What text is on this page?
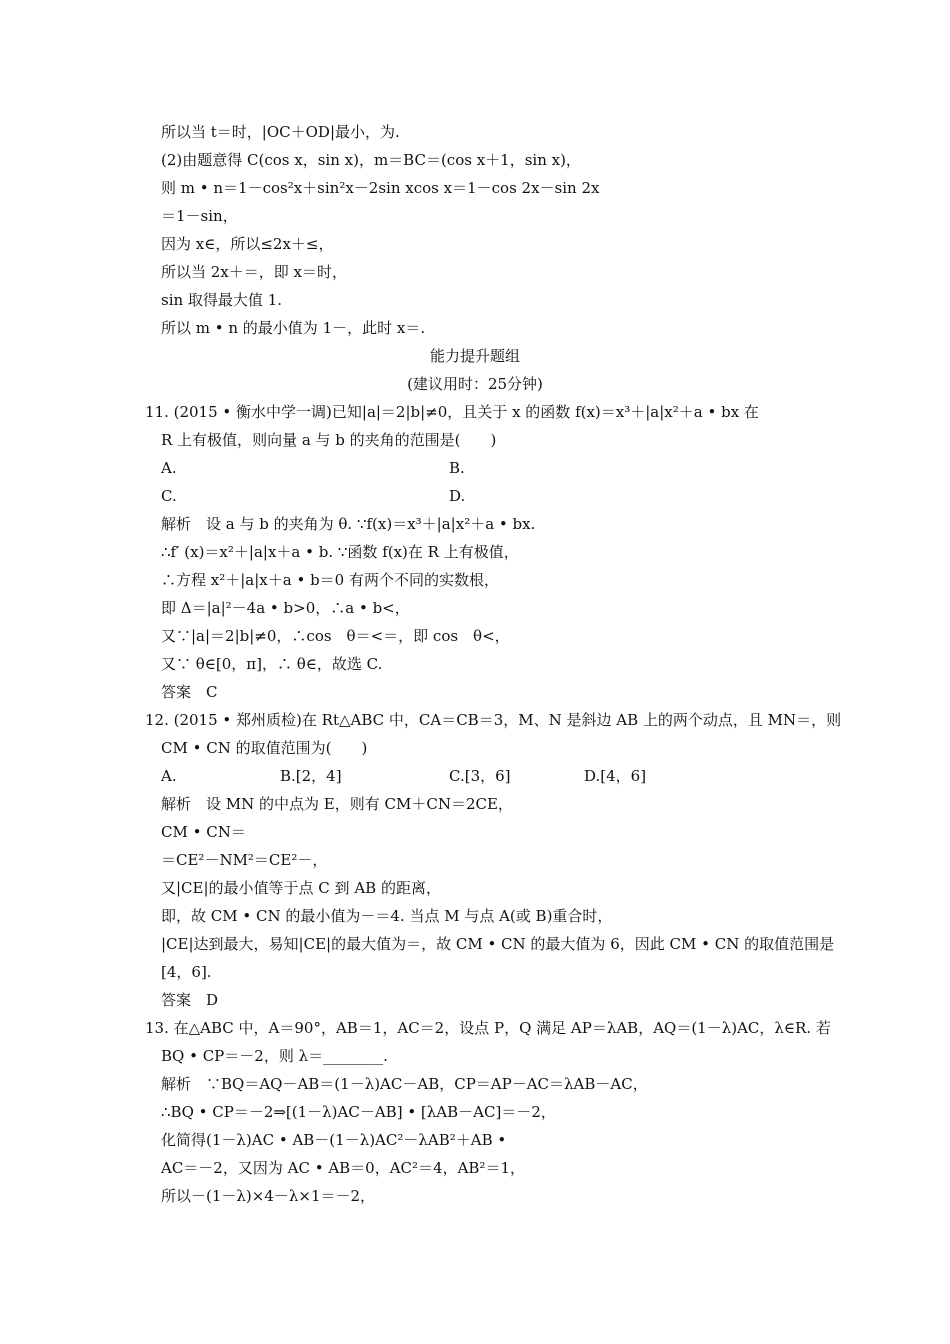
所以当 t＝时，|OC＋OD|最小，为.
(2)由题意得 C(cos x，sin x)，m＝BC＝(cos x＋1，sin x)，
则 m • n＝1－cos²x＋sin²x－2sin xcos x＝1－cos 2x－sin 2x
＝1－sin，
因为 x∈，所以≤2x＋≤，
所以当 2x＋＝，即 x＝时，
sin 取得最大值 1.
所以 m • n 的最小值为 1－，此时 x＝.
能力提升题组
(建议用时：25分钟)
11. (2015 • 衡水中学一调)已知|a|＝2|b|≠0，且关于 x 的函数 f(x)＝x³＋|a|x²＋a • bx 在
R 上有极值，则向量 a 与 b 的夹角的范围是(　　)
A.	B.
C.	D.
解析　设 a 与 b 的夹角为 θ. ∵f(x)＝x³＋|a|x²＋a • bx.
∴f′ (x)＝x²＋|a|x＋a • b. ∵函数 f(x)在 R 上有极值，
∴方程 x²＋|a|x＋a • b＝0 有两个不同的实数根，
即 Δ＝|a|²－4a • b>0，∴a • b<，
又∵|a|＝2|b|≠0，∴cos　θ＝<＝，即 cos　θ<，
又∵ θ∈[0，π]，∴ θ∈，故选 C.
答案　C
12. (2015 • 郑州质检)在 Rt△ABC 中，CA＝CB＝3，M、N 是斜边 AB 上的两个动点，且 MN＝，则
CM • CN 的取值范围为(　　)
A.	B.[2，4]	C.[3，6]	D.[4，6]
解析　设 MN 的中点为 E，则有 CM＋CN＝2CE，
CM • CN＝
＝CE²－NM²＝CE²－，
又|CE|的最小值等于点 C 到 AB 的距离，
即，故 CM • CN 的最小值为－＝4. 当点 M 与点 A(或 B)重合时，
|CE|达到最大，易知|CE|的最大值为＝，故 CM • CN 的最大值为 6，因此 CM • CN 的取值范围是
[4，6].
答案　D
13. 在△ABC 中，A＝90°，AB＝1，AC＝2，设点 P，Q 满足 AP＝λAB，AQ＝(1－λ)AC，λ∈R. 若
BQ • CP＝－2，则 λ＝________.
解析　∵BQ＝AQ－AB＝(1－λ)AC－AB，CP＝AP－AC＝λAB－AC，
∴BQ • CP＝－2⇒[(1－λ)AC－AB] • [λAB－AC]＝－2，
化简得(1－λ)AC • AB－(1－λ)AC²－λAB²＋AB •
AC＝－2，又因为 AC • AB＝0，AC²＝4，AB²＝1，
所以－(1－λ)×4－λ×1＝－2，
